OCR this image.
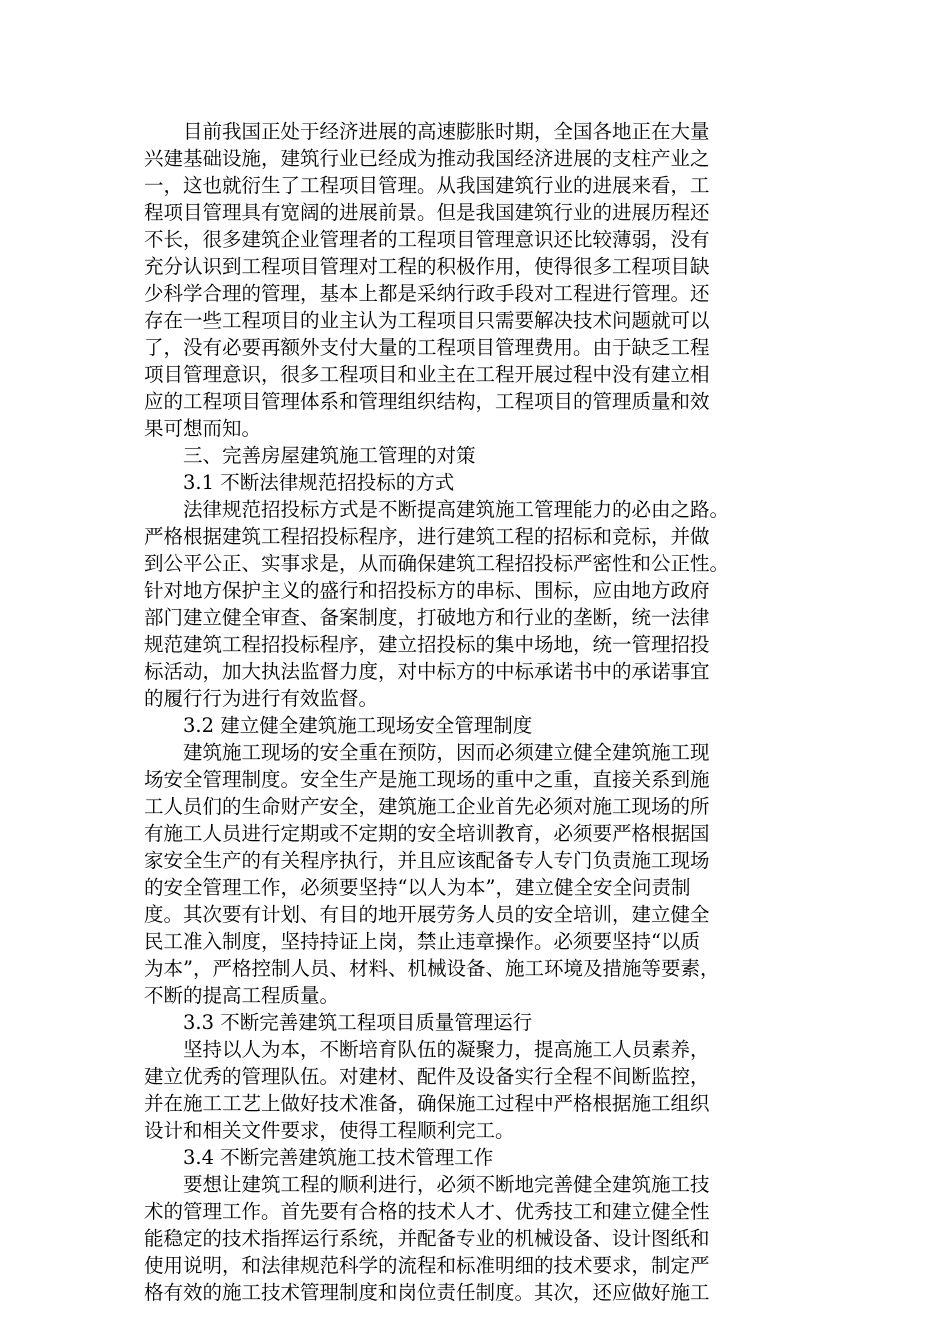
　　目前我国正处于经济进展的高速膨胀时期，全国各地正在大量
兴建基础设施，建筑行业已经成为推动我国经济进展的支柱产业之
一，这也就衍生了工程项目管理。从我国建筑行业的进展来看，工
程项目管理具有宽阔的进展前景。但是我国建筑行业的进展历程还
不长，很多建筑企业管理者的工程项目管理意识还比较薄弱，没有
充分认识到工程项目管理对工程的积极作用，使得很多工程项目缺
少科学合理的管理，基本上都是采纳行政手段对工程进行管理。还
存在一些工程项目的业主认为工程项目只需要解决技术问题就可以
了，没有必要再额外支付大量的工程项目管理费用。由于缺乏工程
项目管理意识，很多工程项目和业主在工程开展过程中没有建立相
应的工程项目管理体系和管理组织结构，工程项目的管理质量和效
果可想而知。
　　三、完善房屋建筑施工管理的对策
　　3.1 不断法律规范招投标的方式
　　法律规范招投标方式是不断提高建筑施工管理能力的必由之路。
严格根据建筑工程招投标程序，进行建筑工程的招标和竞标，并做
到公平公正、实事求是，从而确保建筑工程招投标严密性和公正性。
针对地方保护主义的盛行和招投标方的串标、围标，应由地方政府
部门建立健全审查、备案制度，打破地方和行业的垄断，统一法律
规范建筑工程招投标程序，建立招投标的集中场地，统一管理招投
标活动，加大执法监督力度，对中标方的中标承诺书中的承诺事宜
的履行行为进行有效监督。
　　3.2 建立健全建筑施工现场安全管理制度
　　建筑施工现场的安全重在预防，因而必须建立健全建筑施工现
场安全管理制度。安全生产是施工现场的重中之重，直接关系到施
工人员们的生命财产安全，建筑施工企业首先必须对施工现场的所
有施工人员进行定期或不定期的安全培训教育，必须要严格根据国
家安全生产的有关程序执行，并且应该配备专人专门负责施工现场
的安全管理工作，必须要坚持“以人为本”，建立健全安全问责制
度。其次要有计划、有目的地开展劳务人员的安全培训，建立健全
民工准入制度，坚持持证上岗，禁止违章操作。必须要坚持“以质
为本”，严格控制人员、材料、机械设备、施工环境及措施等要素，
不断的提高工程质量。
　　3.3 不断完善建筑工程项目质量管理运行
　　坚持以人为本，不断培育队伍的凝聚力，提高施工人员素养，
建立优秀的管理队伍。对建材、配件及设备实行全程不间断监控，
并在施工工艺上做好技术准备，确保施工过程中严格根据施工组织
设计和相关文件要求，使得工程顺利完工。
　　3.4 不断完善建筑施工技术管理工作
　　要想让建筑工程的顺利进行，必须不断地完善健全建筑施工技
术的管理工作。首先要有合格的技术人才、优秀技工和建立健全性
能稳定的技术指挥运行系统，并配备专业的机械设备、设计图纸和
使用说明，和法律规范科学的流程和标准明细的技术要求，制定严
格有效的施工技术管理制度和岗位责任制度。其次，还应做好施工
